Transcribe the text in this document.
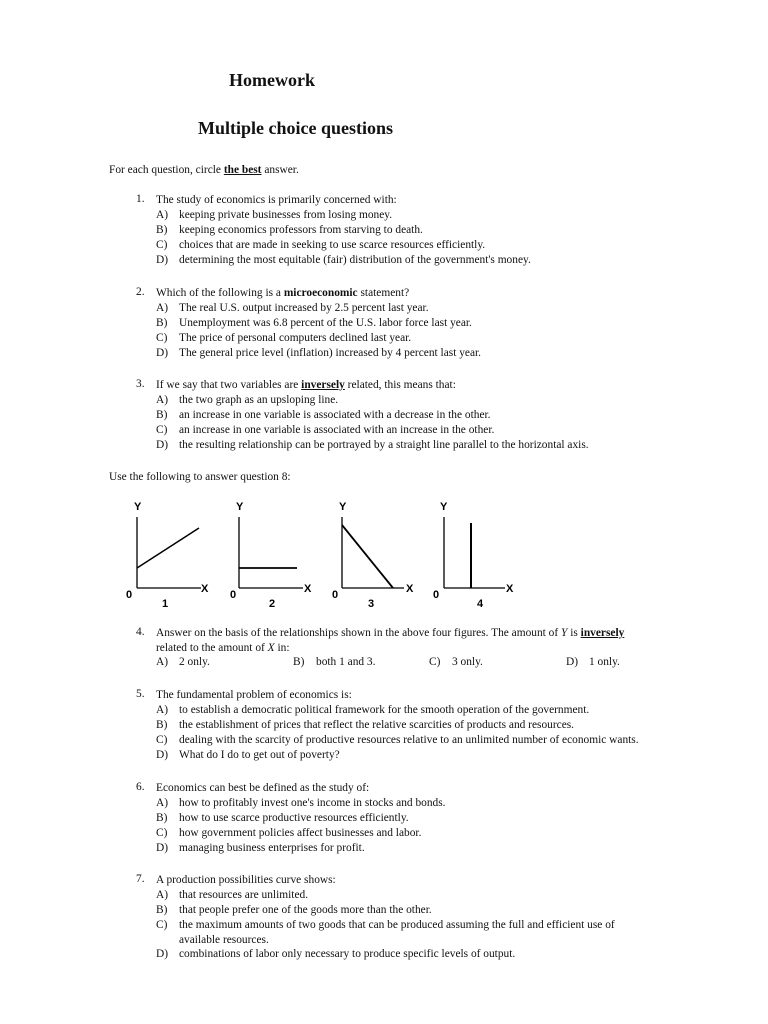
Homework
Multiple choice questions
For each question, circle the best answer.
1. The study of economics is primarily concerned with:
A) keeping private businesses from losing money.
B) keeping economics professors from starving to death.
C) choices that are made in seeking to use scarce resources efficiently.
D) determining the most equitable (fair) distribution of the government's money.
2. Which of the following is a microeconomic statement?
A) The real U.S. output increased by 2.5 percent last year.
B) Unemployment was 6.8 percent of the U.S. labor force last year.
C) The price of personal computers declined last year.
D) The general price level (inflation) increased by 4 percent last year.
3. If we say that two variables are inversely related, this means that:
A) the two graph as an upsloping line.
B) an increase in one variable is associated with a decrease in the other.
C) an increase in one variable is associated with an increase in the other.
D) the resulting relationship can be portrayed by a straight line parallel to the horizontal axis.
Use the following to answer question 8:
Y
X
0
1
Y
X
0
2
Y
X
0
3
Y
X
0
4
4. Answer on the basis of the relationships shown in the above four figures. The amount of Y is inversely
related to the amount of X in:
A) 2 only.	B) both 1 and 3.	C) 3 only.	D) 1 only.
5. The fundamental problem of economics is:
A) to establish a democratic political framework for the smooth operation of the government.
B) the establishment of prices that reflect the relative scarcities of products and resources.
C) dealing with the scarcity of productive resources relative to an unlimited number of economic wants.
D) What do I do to get out of poverty?
6. Economics can best be defined as the study of:
A) how to profitably invest one's income in stocks and bonds.
B) how to use scarce productive resources efficiently.
C) how government policies affect businesses and labor.
D) managing business enterprises for profit.
7. A production possibilities curve shows:
A) that resources are unlimited.
B) that people prefer one of the goods more than the other.
C) the maximum amounts of two goods that can be produced assuming the full and efficient use of
available resources.
D) combinations of labor only necessary to produce specific levels of output.
